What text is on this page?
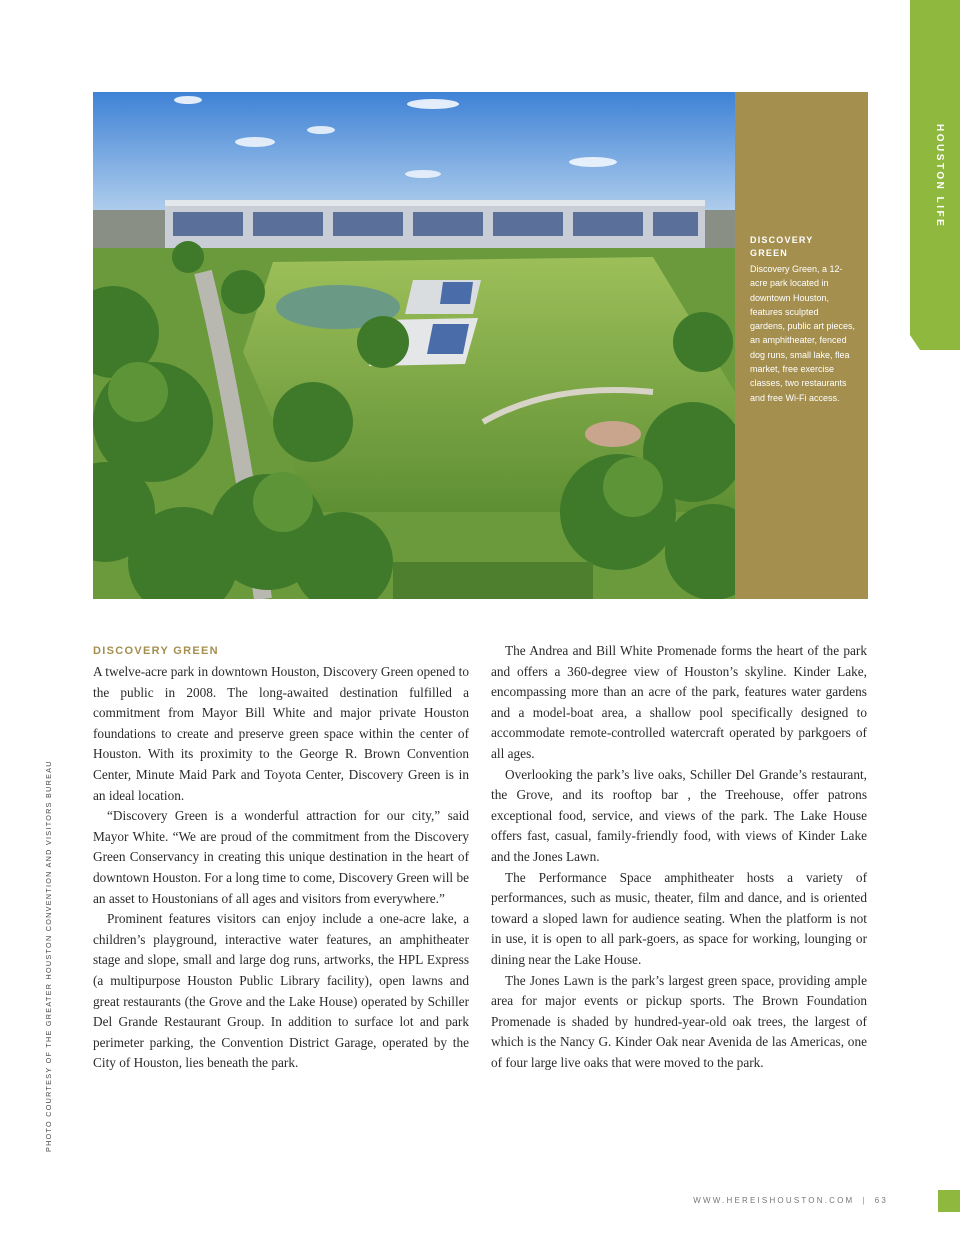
HOUSTON LIFE
PHOTO COURTESY OF THE GREATER HOUSTON CONVENTION AND VISITORS BUREAU
DISCOVERY GREEN
Discovery Green, a 12-acre park located in downtown Houston, features sculpted gardens, public art pieces, an amphitheater, fenced dog runs, small lake, flea market, free exercise classes, two restaurants and free Wi-Fi access.
DISCOVERY GREEN

A twelve-acre park in downtown Houston, Discovery Green opened to the public in 2008. The long-awaited destination fulfilled a commitment from Mayor Bill White and major private Houston foundations to create and preserve green space within the center of Houston. With its proximity to the George R. Brown Convention Center, Minute Maid Park and Toyota Center, Discovery Green is in an ideal location.

“Discovery Green is a wonderful attraction for our city,” said Mayor White. “We are proud of the commitment from the Discovery Green Conservancy in creating this unique destination in the heart of downtown Houston. For a long time to come, Discovery Green will be an asset to Houstonians of all ages and visitors from everywhere.”

Prominent features visitors can enjoy include a one-acre lake, a children’s playground, interactive water features, an amphitheater stage and slope, small and large dog runs, artworks, the HPL Express (a multipurpose Houston Public Library facility), open lawns and great restaurants (the Grove and the Lake House) operated by Schiller Del Grande Restaurant Group. In addition to surface lot and park perimeter parking, the Convention District Garage, operated by the City of Houston, lies beneath the park.

The Andrea and Bill White Promenade forms the heart of the park and offers a 360-degree view of Houston’s skyline. Kinder Lake, encompassing more than an acre of the park, features water gardens and a model-boat area, a shallow pool specifically designed to accommodate remote-controlled watercraft operated by parkgoers of all ages.

Overlooking the park’s live oaks, Schiller Del Grande’s restaurant, the Grove, and its rooftop bar , the Treehouse, offer patrons exceptional food, service, and views of the park. The Lake House offers fast, casual, family-friendly food, with views of Kinder Lake and the Jones Lawn.

The Performance Space amphitheater hosts a variety of performances, such as music, theater, film and dance, and is oriented toward a sloped lawn for audience seating. When the platform is not in use, it is open to all park-goers, as space for working, lounging or dining near the Lake House.

The Jones Lawn is the park’s largest green space, providing ample area for major events or pickup sports. The Brown Foundation Promenade is shaded by hundred-year-old oak trees, the largest of which is the Nancy G. Kinder Oak near Avenida de las Americas, one of four large live oaks that were moved to the park.

WWW.HEREISHOUSTON.COM | 63
